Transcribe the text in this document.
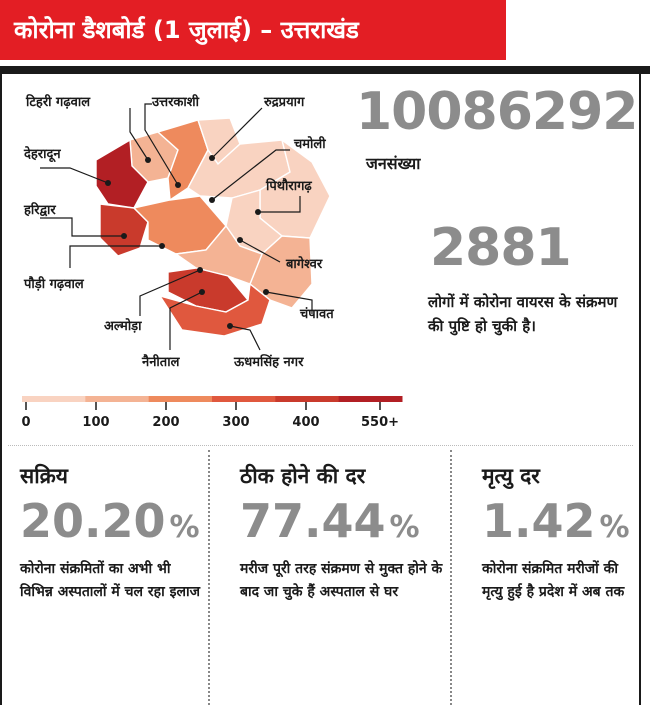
कोरोना डैशबोर्ड (1 जुलाई) – उत्तराखंड
टिहरी गढ़वाल	उत्तरकाशी	रुद्रप्रयाग
देहरादून
चमोली
पिथौरागढ़
हरिद्वार
बागेश्वर
पौड़ी गढ़वाल
चंपावत
अल्मोड़ा
नैनीताल	ऊधमसिंह नगर
0	100	200	300	400	550+
10086292
जनसंख्या
2881
लोगों में कोरोना वायरस के संक्रमण की पुष्टि हो चुकी है।
सक्रिय
20.20 %
कोरोना संक्रमितों का अभी भी विभिन्न अस्पतालों में चल रहा इलाज
ठीक होने की दर
77.44 %
मरीज पूरी तरह संक्रमण से मुक्त होने के बाद जा चुके हैं अस्पताल से घर
मृत्यु दर
1.42 %
कोरोना संक्रमित मरीजों की मृत्यु हुई है प्रदेश में अब तक
